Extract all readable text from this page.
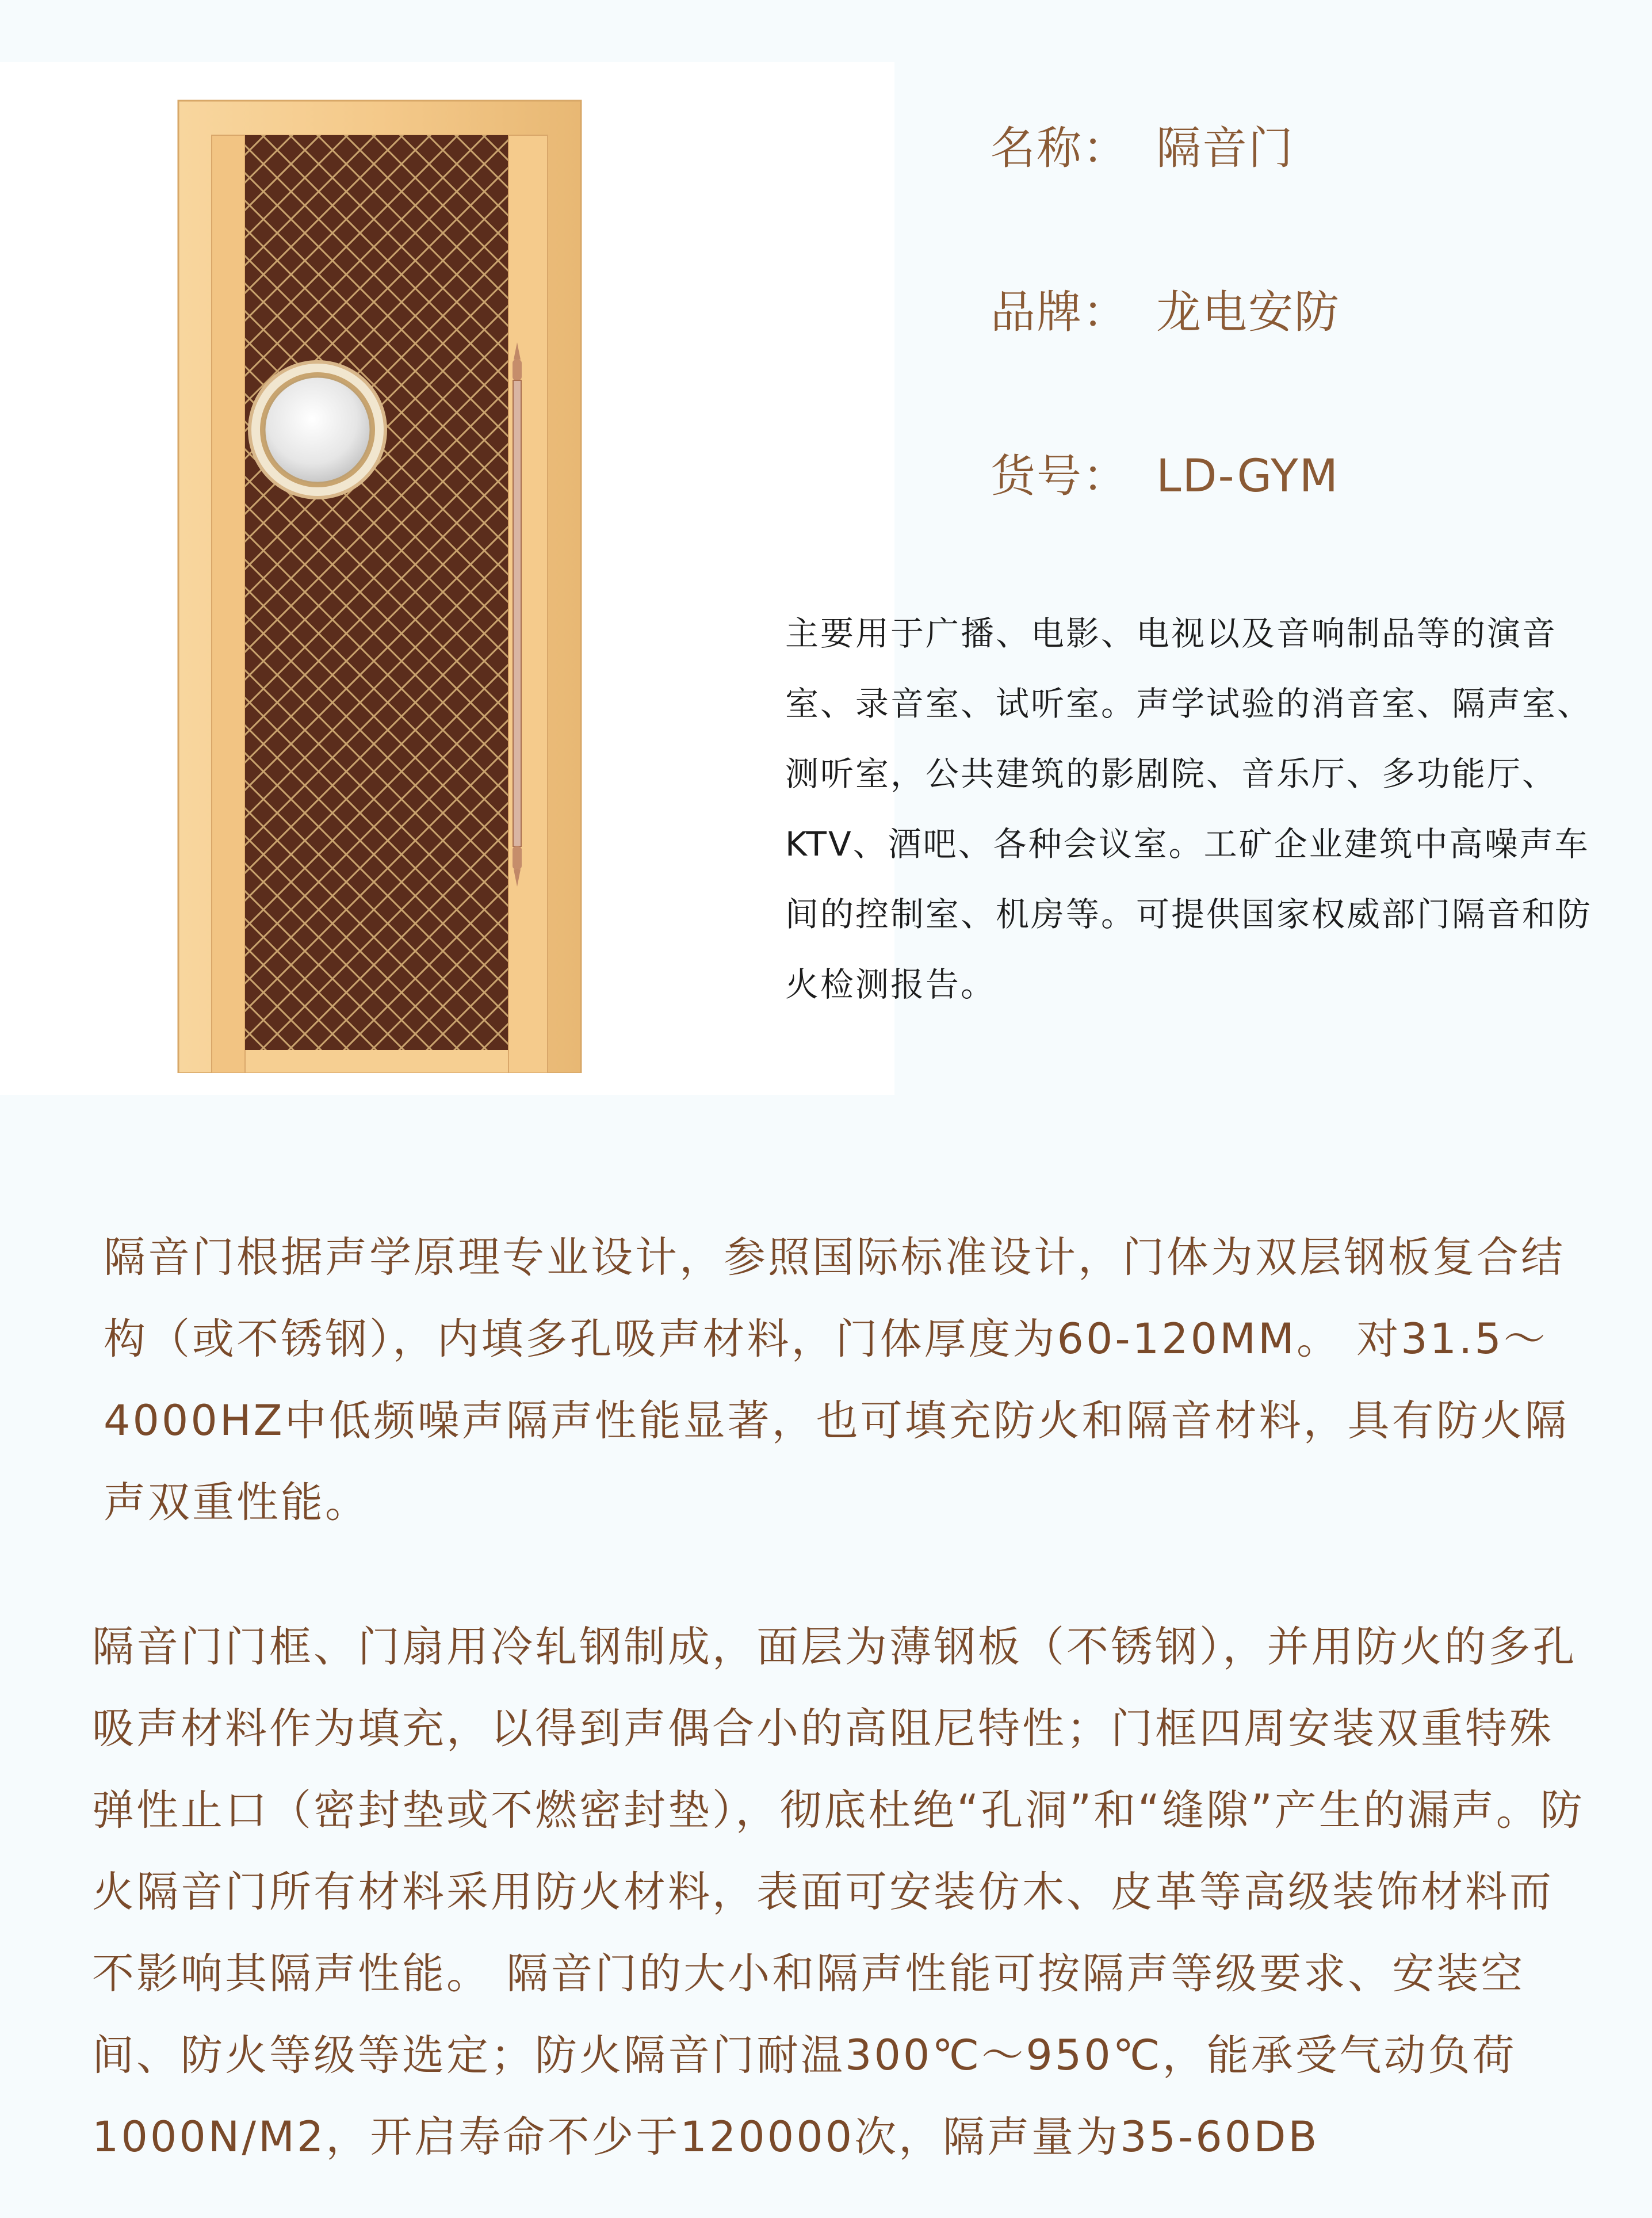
名称： 隔音门
品牌： 龙电安防
货号： LD-GYM

主要用于广播、电影、电视以及音响制品等的演音室、录音室、试听室。声学试验的消音室、隔声室、测听室，公共建筑的影剧院、音乐厅、多功能厅、KTV、酒吧、各种会议室。工矿企业建筑中高噪声车间的控制室、机房等。可提供国家权威部门隔音和防火检测报告。

隔音门根据声学原理专业设计，参照国际标准设计，门体为双层钢板复合结构（或不锈钢），内填多孔吸声材料，门体厚度为60-120MM。 对31.5～4000HZ中低频噪声隔声性能显著，也可填充防火和隔音材料，具有防火隔声双重性能。

隔音门门框、门扇用冷轧钢制成，面层为薄钢板（不锈钢），并用防火的多孔吸声材料作为填充，以得到声偶合小的高阻尼特性；门框四周安装双重特殊弹性止口（密封垫或不燃密封垫），彻底杜绝“孔洞”和“缝隙”产生的漏声。防火隔音门所有材料采用防火材料，表面可安装仿木、皮革等高级装饰材料而不影响其隔声性能。 隔音门的大小和隔声性能可按隔声等级要求、安装空间、防火等级等选定；防火隔音门耐温300℃～950℃，能承受气动负荷1000N/M2，开启寿命不少于120000次，隔声量为35-60DB
